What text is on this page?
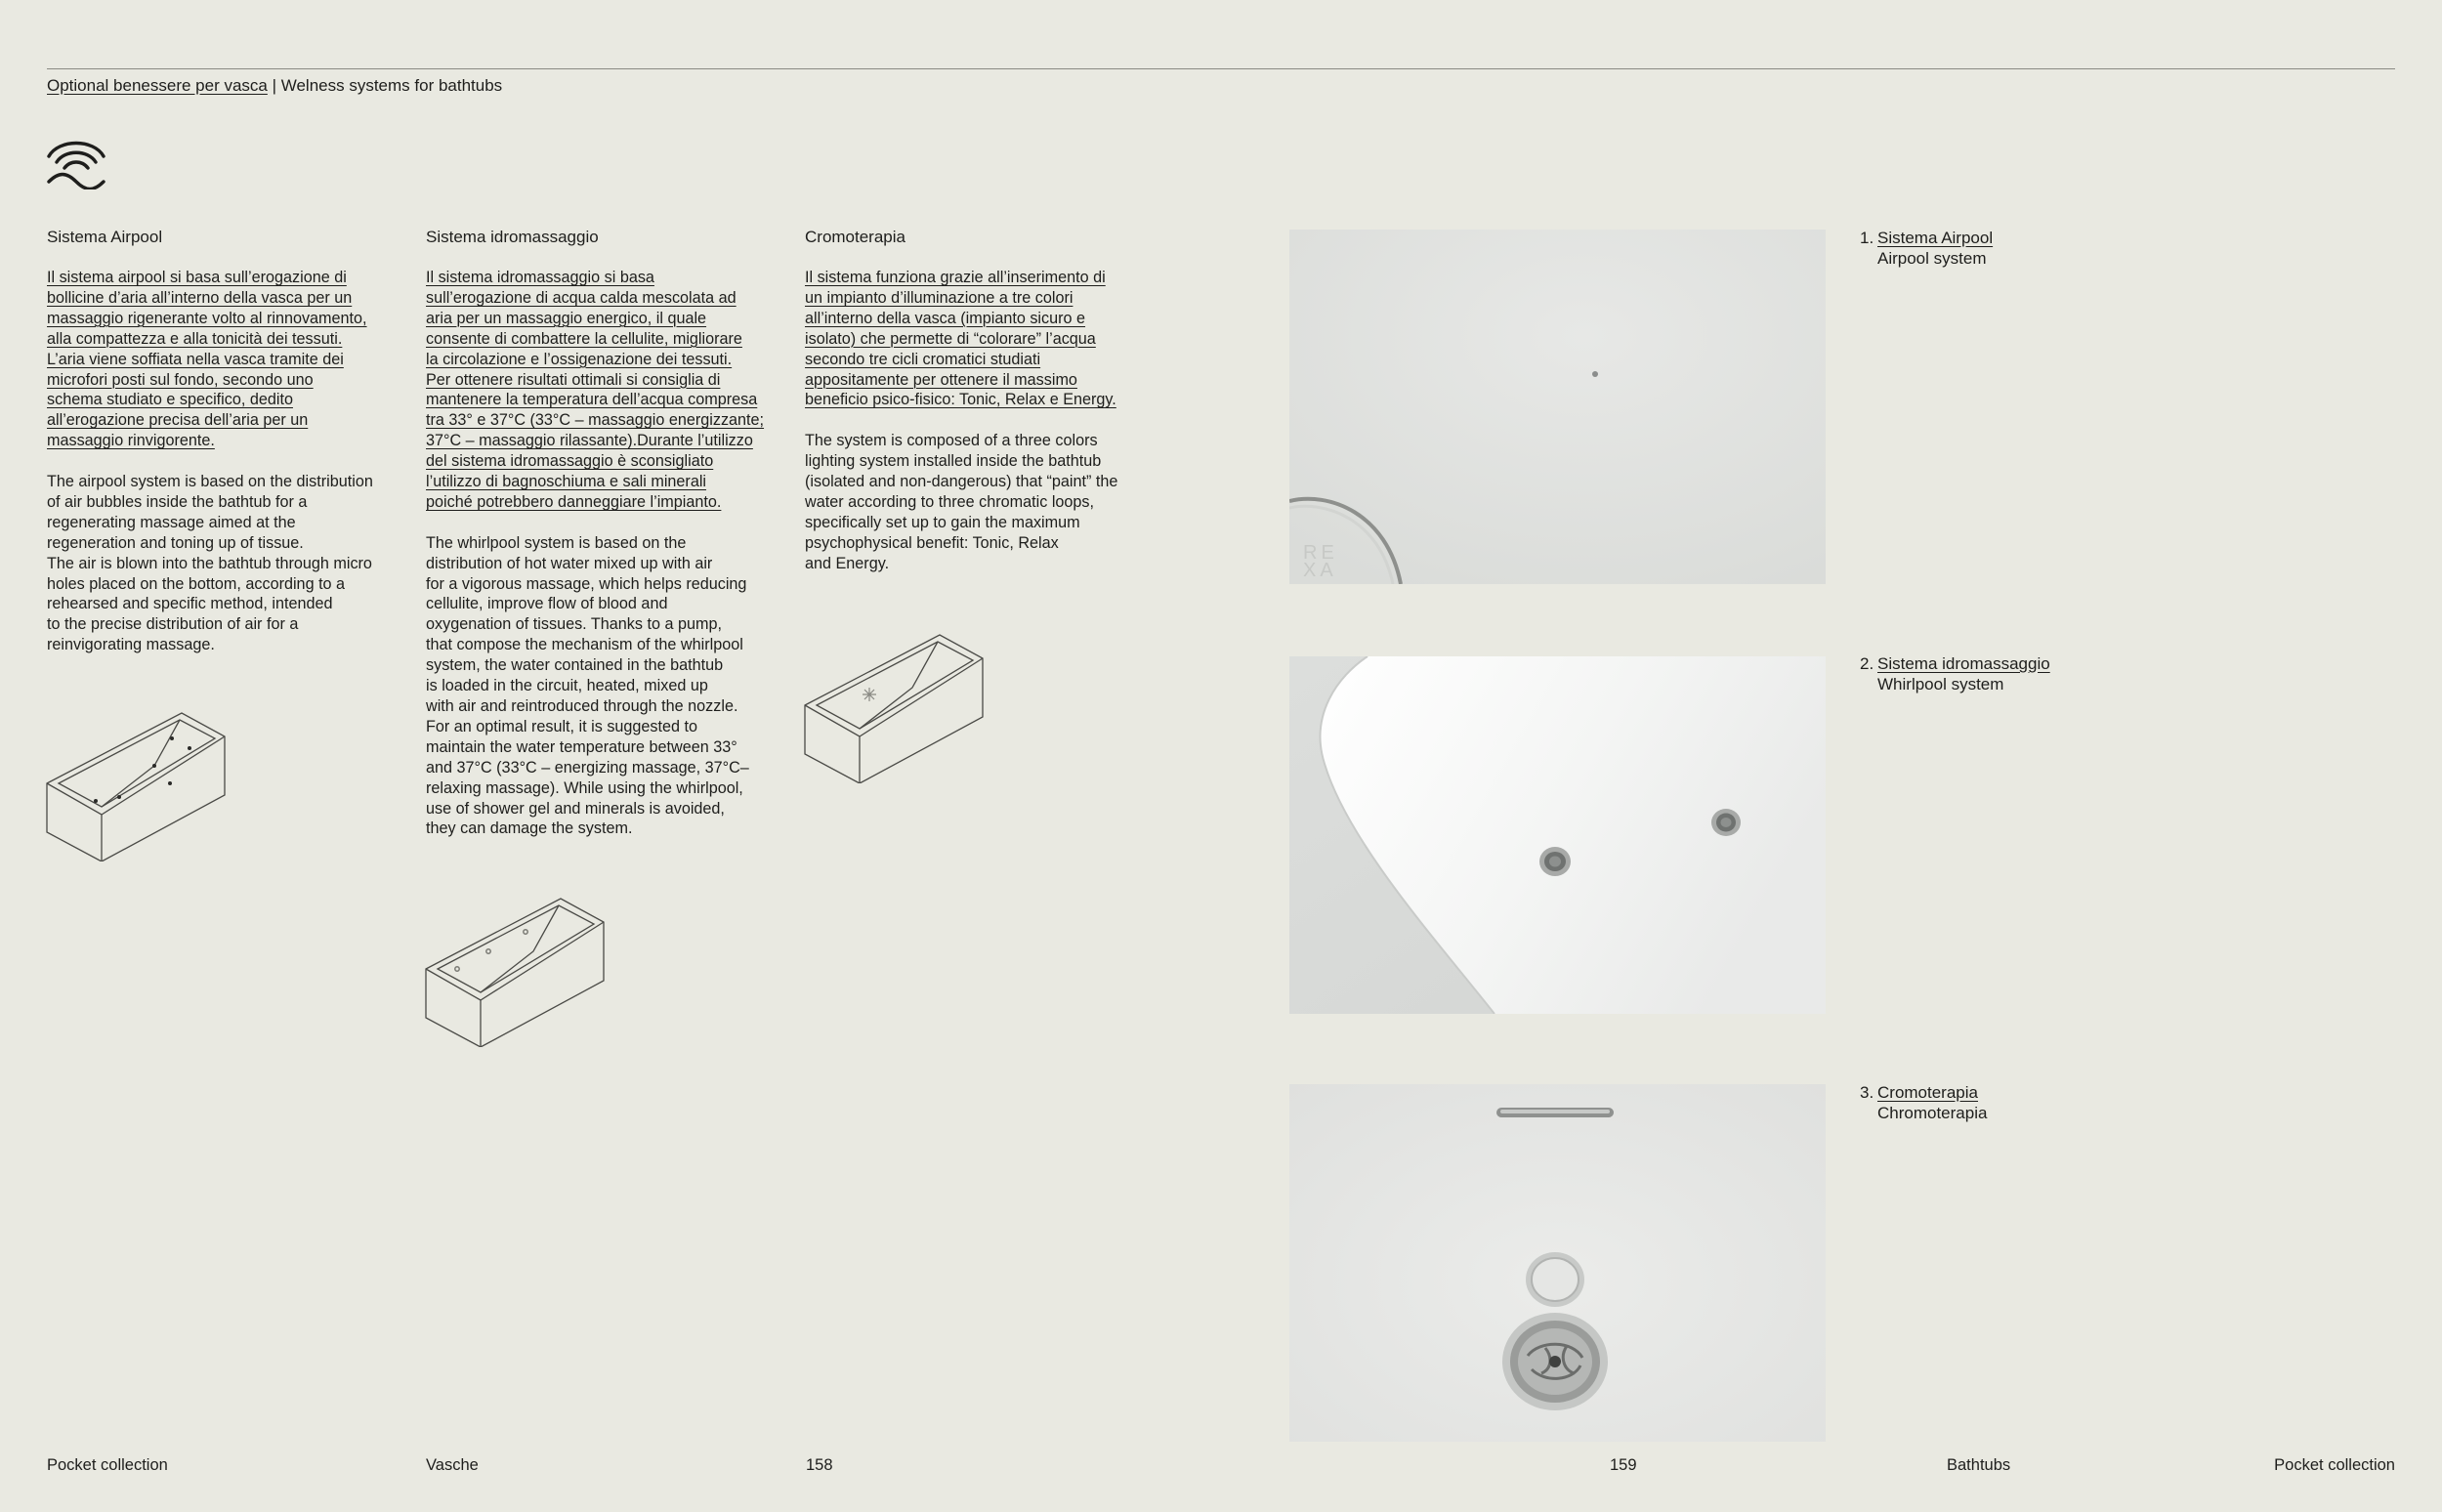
Optional benessere per vasca | Welness systems for bathtubs
Sistema Airpool

Il sistema airpool si basa sull’erogazione di
bollicine d’aria all’interno della vasca per un
massaggio rigenerante volto al rinnovamento,
alla compattezza e alla tonicità dei tessuti.
L’aria viene soffiata nella vasca tramite dei
microfori posti sul fondo, secondo uno
schema studiato e specifico, dedito
all’erogazione precisa dell’aria per un
massaggio rinvigorente.

The airpool system is based on the distribution
of air bubbles inside the bathtub for a
regenerating massage aimed at the
regeneration and toning up of tissue.
The air is blown into the bathtub through micro
holes placed on the bottom, according to a
rehearsed and specific method, intended
to the precise distribution of air for a
reinvigorating massage.

Sistema idromassaggio

Il sistema idromassaggio si basa
sull’erogazione di acqua calda mescolata ad
aria per un massaggio energico, il quale
consente di combattere la cellulite, migliorare
la circolazione e l’ossigenazione dei tessuti.
Per ottenere risultati ottimali si consiglia di
mantenere la temperatura dell’acqua compresa
tra 33° e 37°C (33°C – massaggio energizzante;
37°C – massaggio rilassante).Durante l’utilizzo
del sistema idromassaggio è sconsigliato
l’utilizzo di bagnoschiuma e sali minerali
poiché potrebbero danneggiare l’impianto.

The whirlpool system is based on the
distribution of hot water mixed up with air
for a vigorous massage, which helps reducing
cellulite, improve flow of blood and
oxygenation of tissues. Thanks to a pump,
that compose the mechanism of the whirlpool
system, the water contained in the bathtub
is loaded in the circuit, heated, mixed up
with air and reintroduced through the nozzle.
For an optimal result, it is suggested to
maintain the water temperature between 33°
and 37°C (33°C – energizing massage, 37°C–
relaxing massage). While using the whirlpool,
use of shower gel and minerals is avoided,
they can damage the system.

Cromoterapia

Il sistema funziona grazie all’inserimento di
un impianto d’illuminazione a tre colori
all’interno della vasca (impianto sicuro e
isolato) che permette di “colorare” l’acqua
secondo tre cicli cromatici studiati
appositamente per ottenere il massimo
beneficio psico-fisico: Tonic, Relax e Energy.

The system is composed of a three colors
lighting system installed inside the bathtub
(isolated and non-dangerous) that “paint” the
water according to three chromatic loops,
specifically set up to gain the maximum
psychophysical benefit: Tonic, Relax
and Energy.	RE
XA
1. Sistema Airpool
Airpool system
2. Sistema idromassaggio
Whirlpool system
3. Cromoterapia
Chromoterapia
Pocket collection	Vasche	158	159	Bathtubs	Pocket collection
